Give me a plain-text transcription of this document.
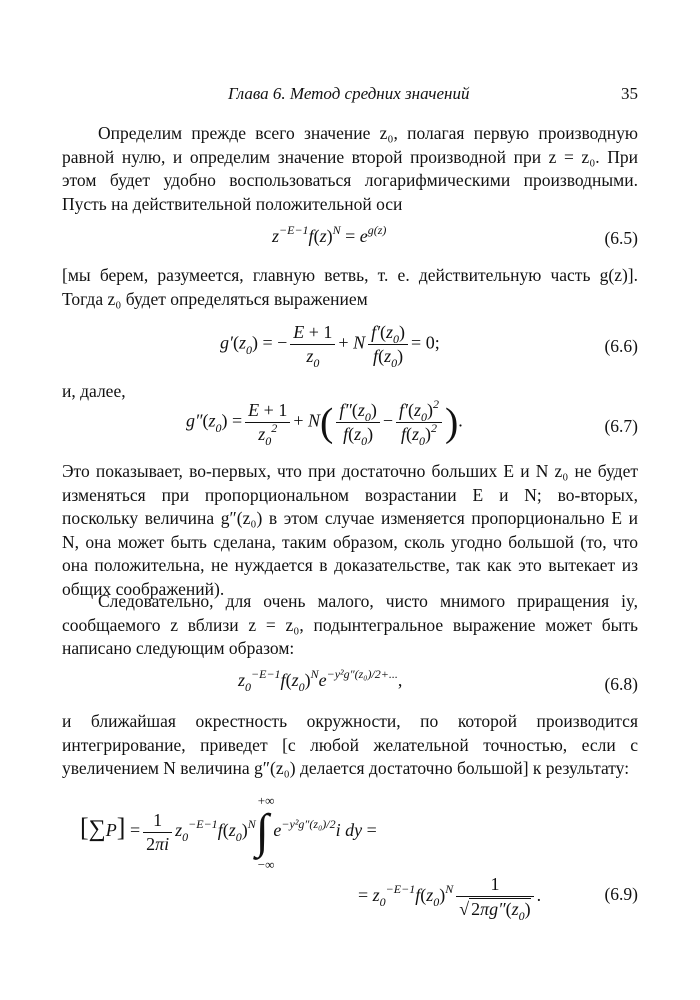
Глава 6. Метод средних значений	35

Определим прежде всего значение z₀, полагая первую производную равной нулю, и определим значение второй производной при z = z₀. При этом будет удобно воспользоваться логарифмическими производными. Пусть на действительной положительной оси

$z^{-E-1}f(z)^N = e^{g(z)}$	(6.5)

[мы берем, разумеется, главную ветвь, т. е. действительную часть g(z)]. Тогда z₀ будет определяться выражением

$g'(z_0)$ = − $\frac{E + 1}{z_0} + N \frac{f'(z_0)}{f(z_0)} = 0$;	(6.6)

и, далее,

$g''(z_0) = \frac{E + 1}{z_0^2} + N( \frac{f''(z_0)}{f(z_0)} - \frac{f'(z_0)^2}{f(z_0)^2}$ ).	(6.7)

Это показывает, во-первых, что при достаточно больших E и N z₀ не будет изменяться при пропорциональном возрастании E и N; во-вторых, поскольку величина g″(z₀) в этом случае изменяется пропорционально E и N, она может быть сделана, таким образом, сколь угодно большой (то, что она положительна, не нуждается в доказательстве, так как это вытекает из общих соображений).

Следовательно, для очень малого, чисто мнимого приращения iy, сообщаемого z вблизи z = z₀, подынтегральное выражение может быть написано следующим образом:

$z_0^{-E-1}f(z_0)^Ne^{-y^2g''(z_0)/2+...}$,	(6.8)

и ближайшая окрестность окружности, по которой производится интегрирование, приведет [с любой желательной точностью, если с увеличением N величина g″(z₀) делается достаточно большой] к результату:

$[\sum P] = \frac{1}{2\pi i} z_0^{-E-1}f(z_0)^N\int$
+∞
−∞
$e^{-y^2g''(z_0)/2}i$ dy =
= $z_0^{-E-1}f(z_0)^N \frac{1}{√ 2\pi g''(z_0)}$ .	(6.9)
